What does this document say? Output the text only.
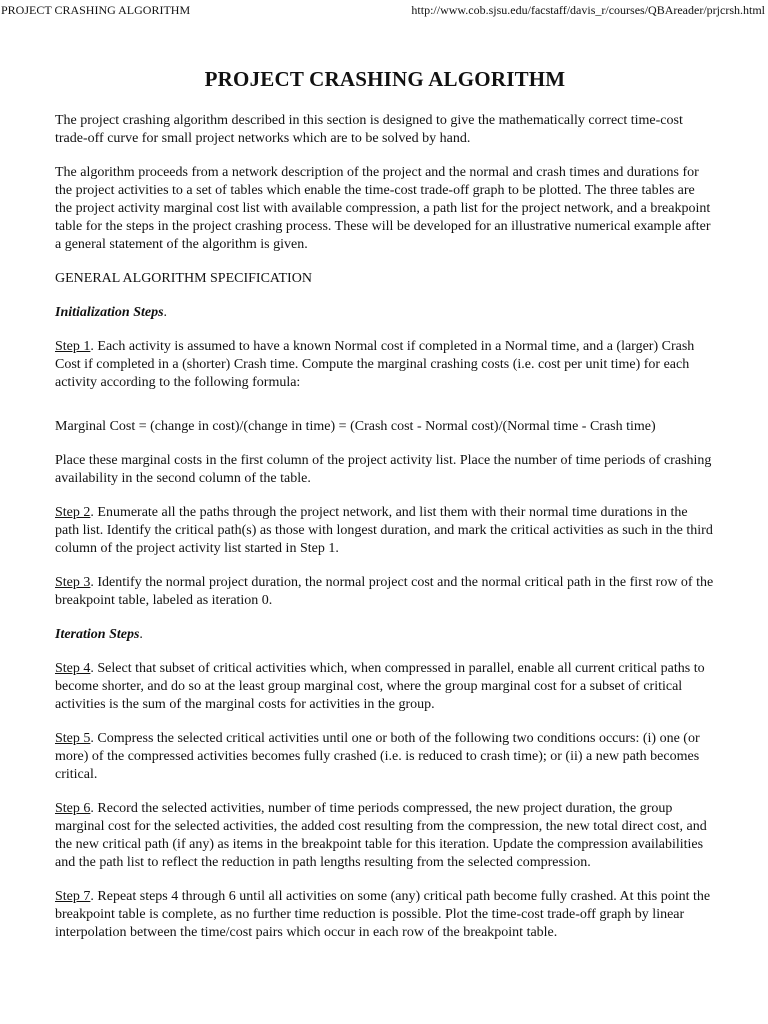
PROJECT CRASHING ALGORITHM	http://www.cob.sjsu.edu/facstaff/davis_r/courses/QBAreader/prjcrsh.html
PROJECT CRASHING ALGORITHM

The project crashing algorithm described in this section is designed to give the mathematically correct time-cost trade-off curve for small project networks which are to be solved by hand.

The algorithm proceeds from a network description of the project and the normal and crash times and durations for the project activities to a set of tables which enable the time-cost trade-off graph to be plotted. The three tables are the project activity marginal cost list with available compression, a path list for the project network, and a breakpoint table for the steps in the project crashing process. These will be developed for an illustrative numerical example after a general statement of the algorithm is given.

GENERAL ALGORITHM SPECIFICATION

Initialization Steps.

Step 1. Each activity is assumed to have a known Normal cost if completed in a Normal time, and a (larger) Crash Cost if completed in a (shorter) Crash time. Compute the marginal crashing costs (i.e. cost per unit time) for each activity according to the following formula:

Marginal Cost = (change in cost)/(change in time) = (Crash cost - Normal cost)/(Normal time - Crash time)

Place these marginal costs in the first column of the project activity list. Place the number of time periods of crashing availability in the second column of the table.

Step 2. Enumerate all the paths through the project network, and list them with their normal time durations in the path list. Identify the critical path(s) as those with longest duration, and mark the critical activities as such in the third column of the project activity list started in Step 1.

Step 3. Identify the normal project duration, the normal project cost and the normal critical path in the first row of the breakpoint table, labeled as iteration 0.

Iteration Steps.

Step 4. Select that subset of critical activities which, when compressed in parallel, enable all current critical paths to become shorter, and do so at the least group marginal cost, where the group marginal cost for a subset of critical activities is the sum of the marginal costs for activities in the group.

Step 5. Compress the selected critical activities until one or both of the following two conditions occurs: (i) one (or more) of the compressed activities becomes fully crashed (i.e. is reduced to crash time); or (ii) a new path becomes critical.

Step 6. Record the selected activities, number of time periods compressed, the new project duration, the group marginal cost for the selected activities, the added cost resulting from the compression, the new total direct cost, and the new critical path (if any) as items in the breakpoint table for this iteration. Update the compression availabilities and the path list to reflect the reduction in path lengths resulting from the selected compression.

Step 7. Repeat steps 4 through 6 until all activities on some (any) critical path become fully crashed. At this point the breakpoint table is complete, as no further time reduction is possible. Plot the time-cost trade-off graph by linear interpolation between the time/cost pairs which occur in each row of the breakpoint table.
